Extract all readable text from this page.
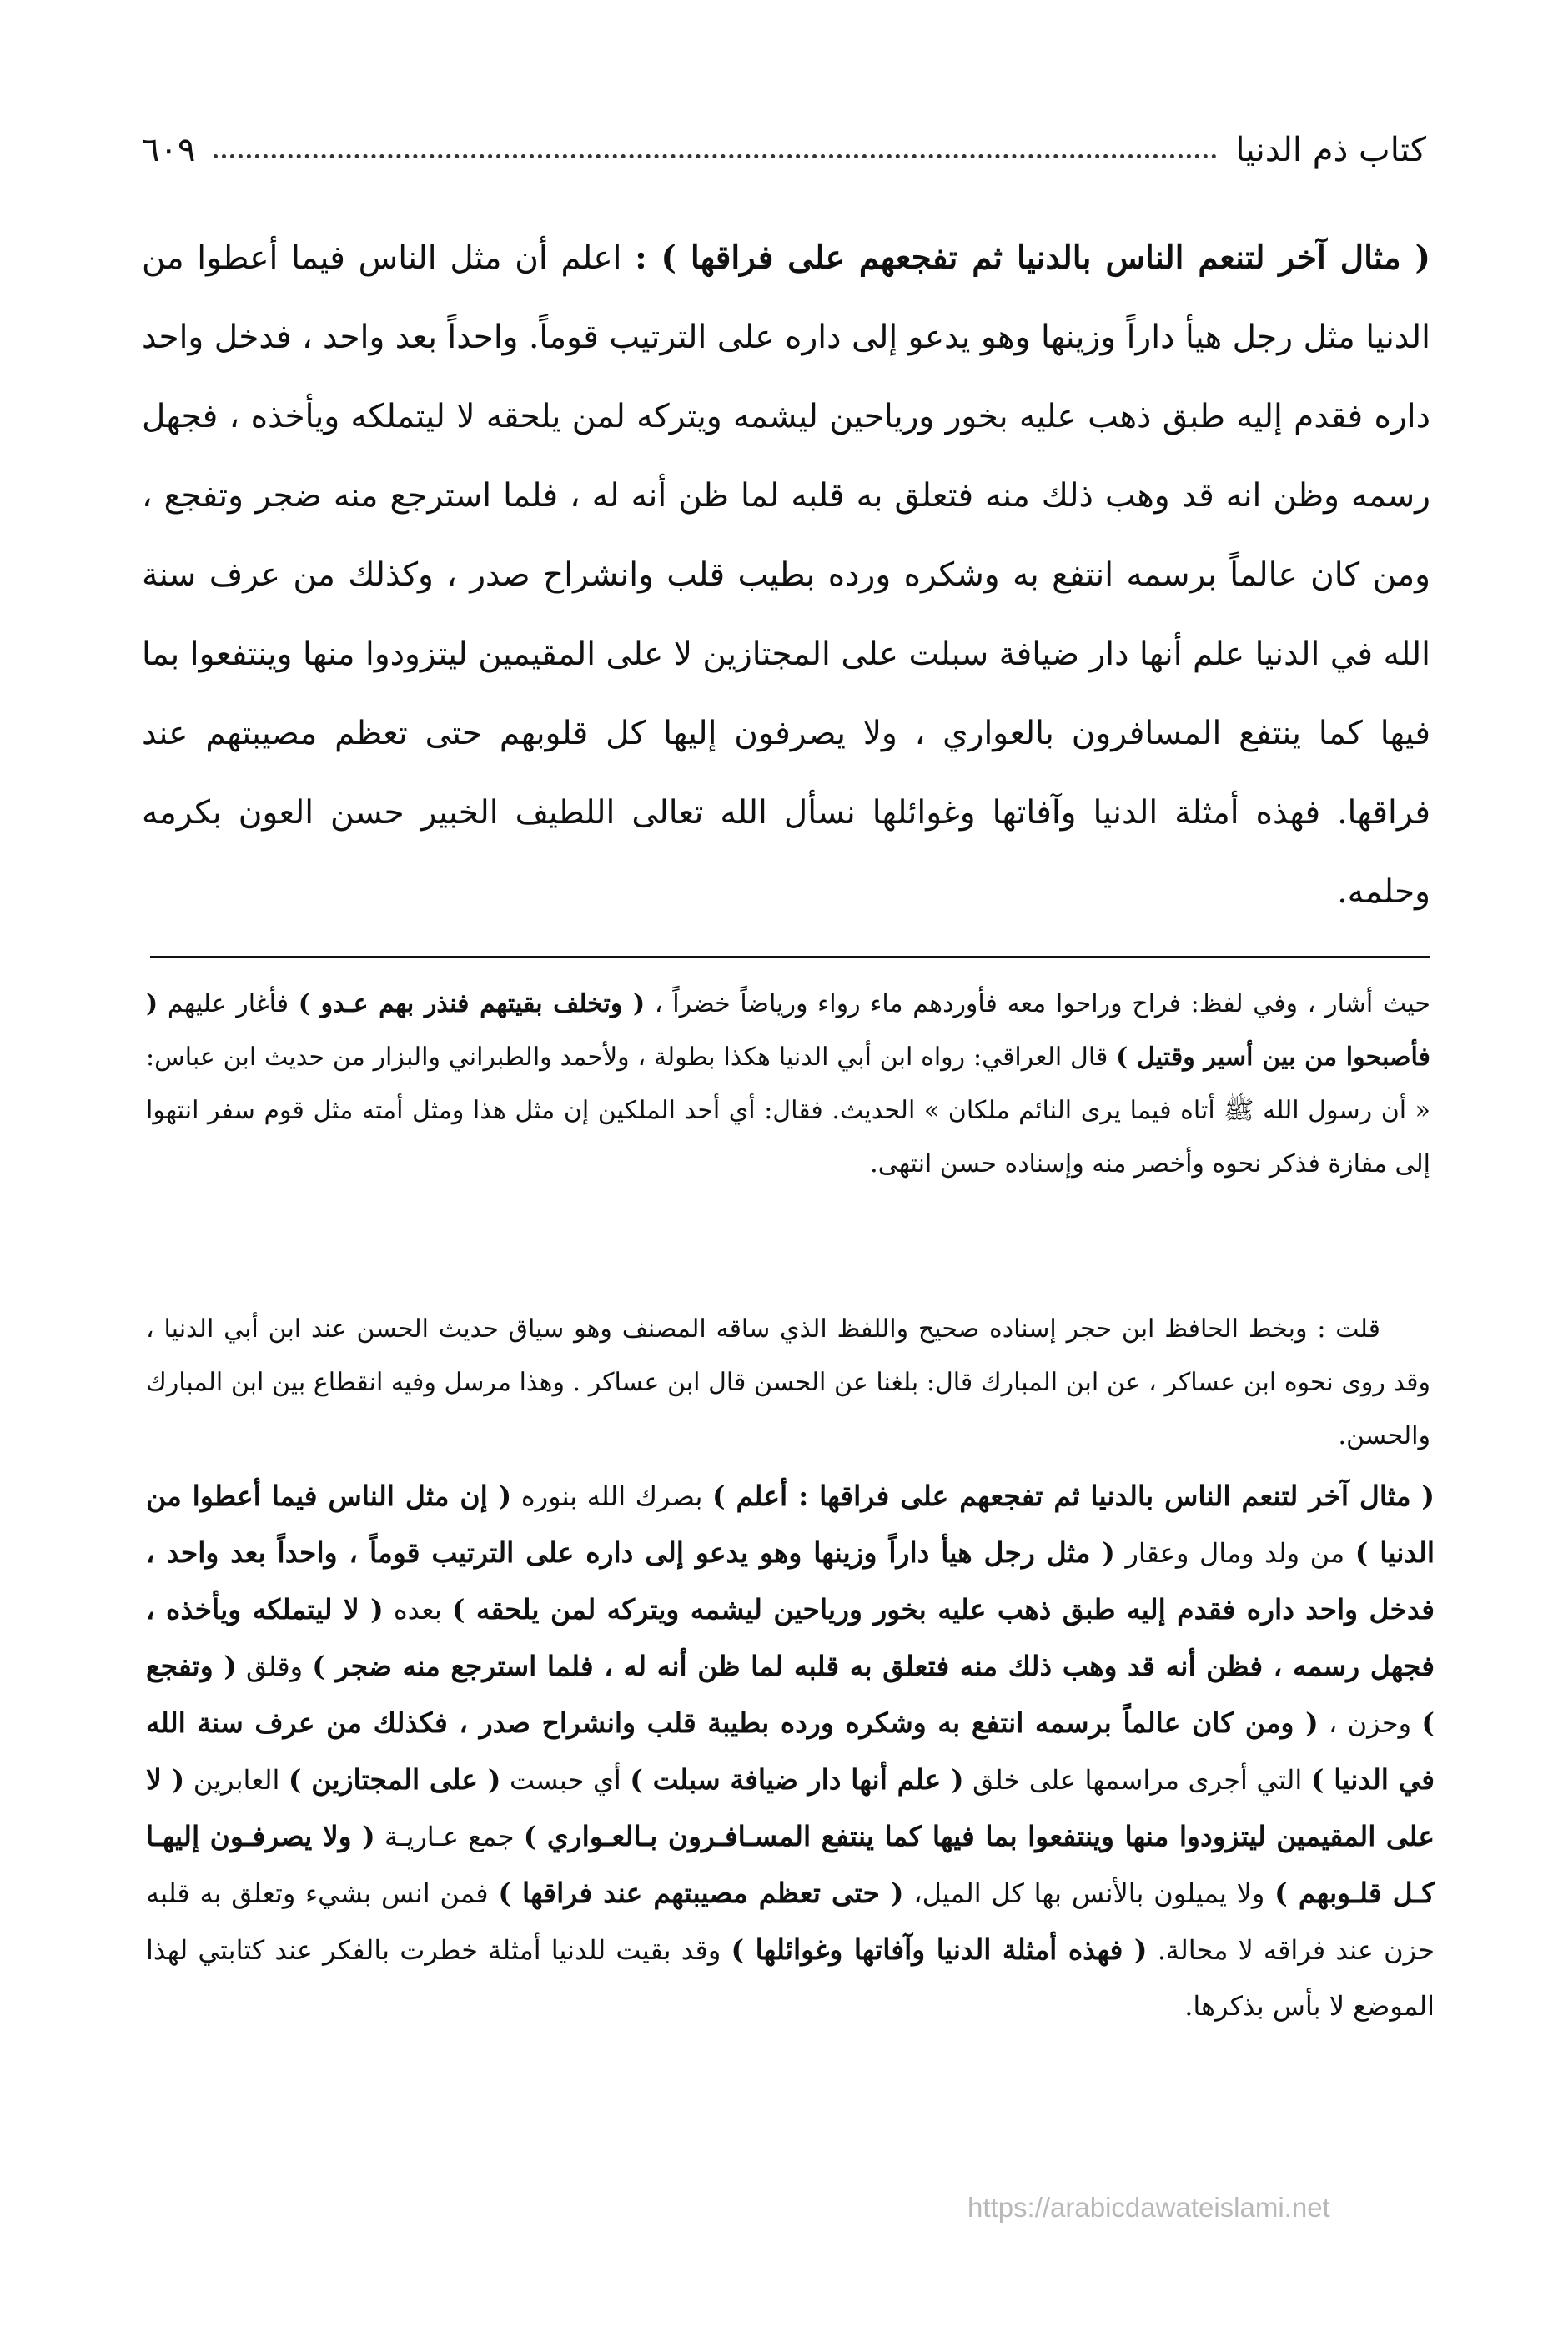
كتاب ذم الدنيا
٦٠٩
( مثال آخر لتنعم الناس بالدنيا ثم تفجعهم على فراقها ) : اعلم أن مثل الناس فيما أعطوا من الدنيا مثل رجل هيأ داراً وزينها وهو يدعو إلى داره على الترتيب قوماً. واحداً بعد واحد ، فدخل واحد داره فقدم إليه طبق ذهب عليه بخور ورياحين ليشمه ويتركه لمن يلحقه لا ليتملكه ويأخذه ، فجهل رسمه وظن انه قد وهب ذلك منه فتعلق به قلبه لما ظن أنه له ، فلما استرجع منه ضجر وتفجع ، ومن كان عالماً برسمه انتفع به وشكره ورده بطيب قلب وانشراح صدر ، وكذلك من عرف سنة الله في الدنيا علم أنها دار ضيافة سبلت على المجتازين لا على المقيمين ليتزودوا منها وينتفعوا بما فيها كما ينتفع المسافرون بالعواري ، ولا يصرفون إليها كل قلوبهم حتى تعظم مصيبتهم عند فراقها. فهذه أمثلة الدنيا وآفاتها وغوائلها نسأل الله تعالى اللطيف الخبير حسن العون بكرمه وحلمه.
حيث أشار ، وفي لفظ: فراح وراحوا معه فأوردهم ماء رواء ورياضاً خضراً ، ( وتخلف بقيتهم فنذر بهم عـدو ) فأغار عليهم ( فأصبحوا من بين أسير وقتيل ) قال العراقي: رواه ابن أبي الدنيا هكذا بطولة ، ولأحمد والطبراني والبزار من حديث ابن عباس: « أن رسول الله ﷺ أتاه فيما يرى النائم ملكان » الحديث. فقال: أي أحد الملكين إن مثل هذا ومثل أمته مثل قوم سفر انتهوا إلى مفازة فذكر نحوه وأخصر منه وإسناده حسن انتهى.
قلت : وبخط الحافظ ابن حجر إسناده صحيح واللفظ الذي ساقه المصنف وهو سياق حديث الحسن عند ابن أبي الدنيا ، وقد روى نحوه ابن عساكر ، عن ابن المبارك قال: بلغنا عن الحسن قال ابن عساكر . وهذا مرسل وفيه انقطاع بين ابن المبارك والحسن.
( مثال آخر لتنعم الناس بالدنيا ثم تفجعهم على فراقها : أعلم ) بصرك الله بنوره ( إن مثل الناس فيما أعطوا من الدنيا ) من ولد ومال وعقار ( مثل رجل هيأ داراً وزينها وهو يدعو إلى داره على الترتيب قوماً ، واحداً بعد واحد ، فدخل واحد داره فقدم إليه طبق ذهب عليه بخور ورياحين ليشمه ويتركه لمن يلحقه ) بعده ( لا ليتملكه ويأخذه ، فجهل رسمه ، فظن أنه قد وهب ذلك منه فتعلق به قلبه لما ظن أنه له ، فلما استرجع منه ضجر ) وقلق ( وتفجع ) وحزن ، ( ومن كان عالماً برسمه انتفع به وشكره ورده بطيبة قلب وانشراح صدر ، فكذلك من عرف سنة الله في الدنيا ) التي أجرى مراسمها على خلق ( علم أنها دار ضيافة سبلت ) أي حبست ( على المجتازين ) العابرين ( لا على المقيمين ليتزودوا منها وينتفعوا بما فيها كما ينتفع المسـافـرون بـالعـواري ) جمع عـاريـة ( ولا يصرفـون إليهـا كـل قلـوبهم ) ولا يميلون بالأنس بها كل الميل، ( حتى تعظم مصيبتهم عند فراقها ) فمن انس بشيء وتعلق به قلبه حزن عند فراقه لا محالة. ( فهذه أمثلة الدنيا وآفاتها وغوائلها ) وقد بقيت للدنيا أمثلة خطرت بالفكر عند كتابتي لهذا الموضع لا بأس بذكرها.
https://arabicdawateislami.net
